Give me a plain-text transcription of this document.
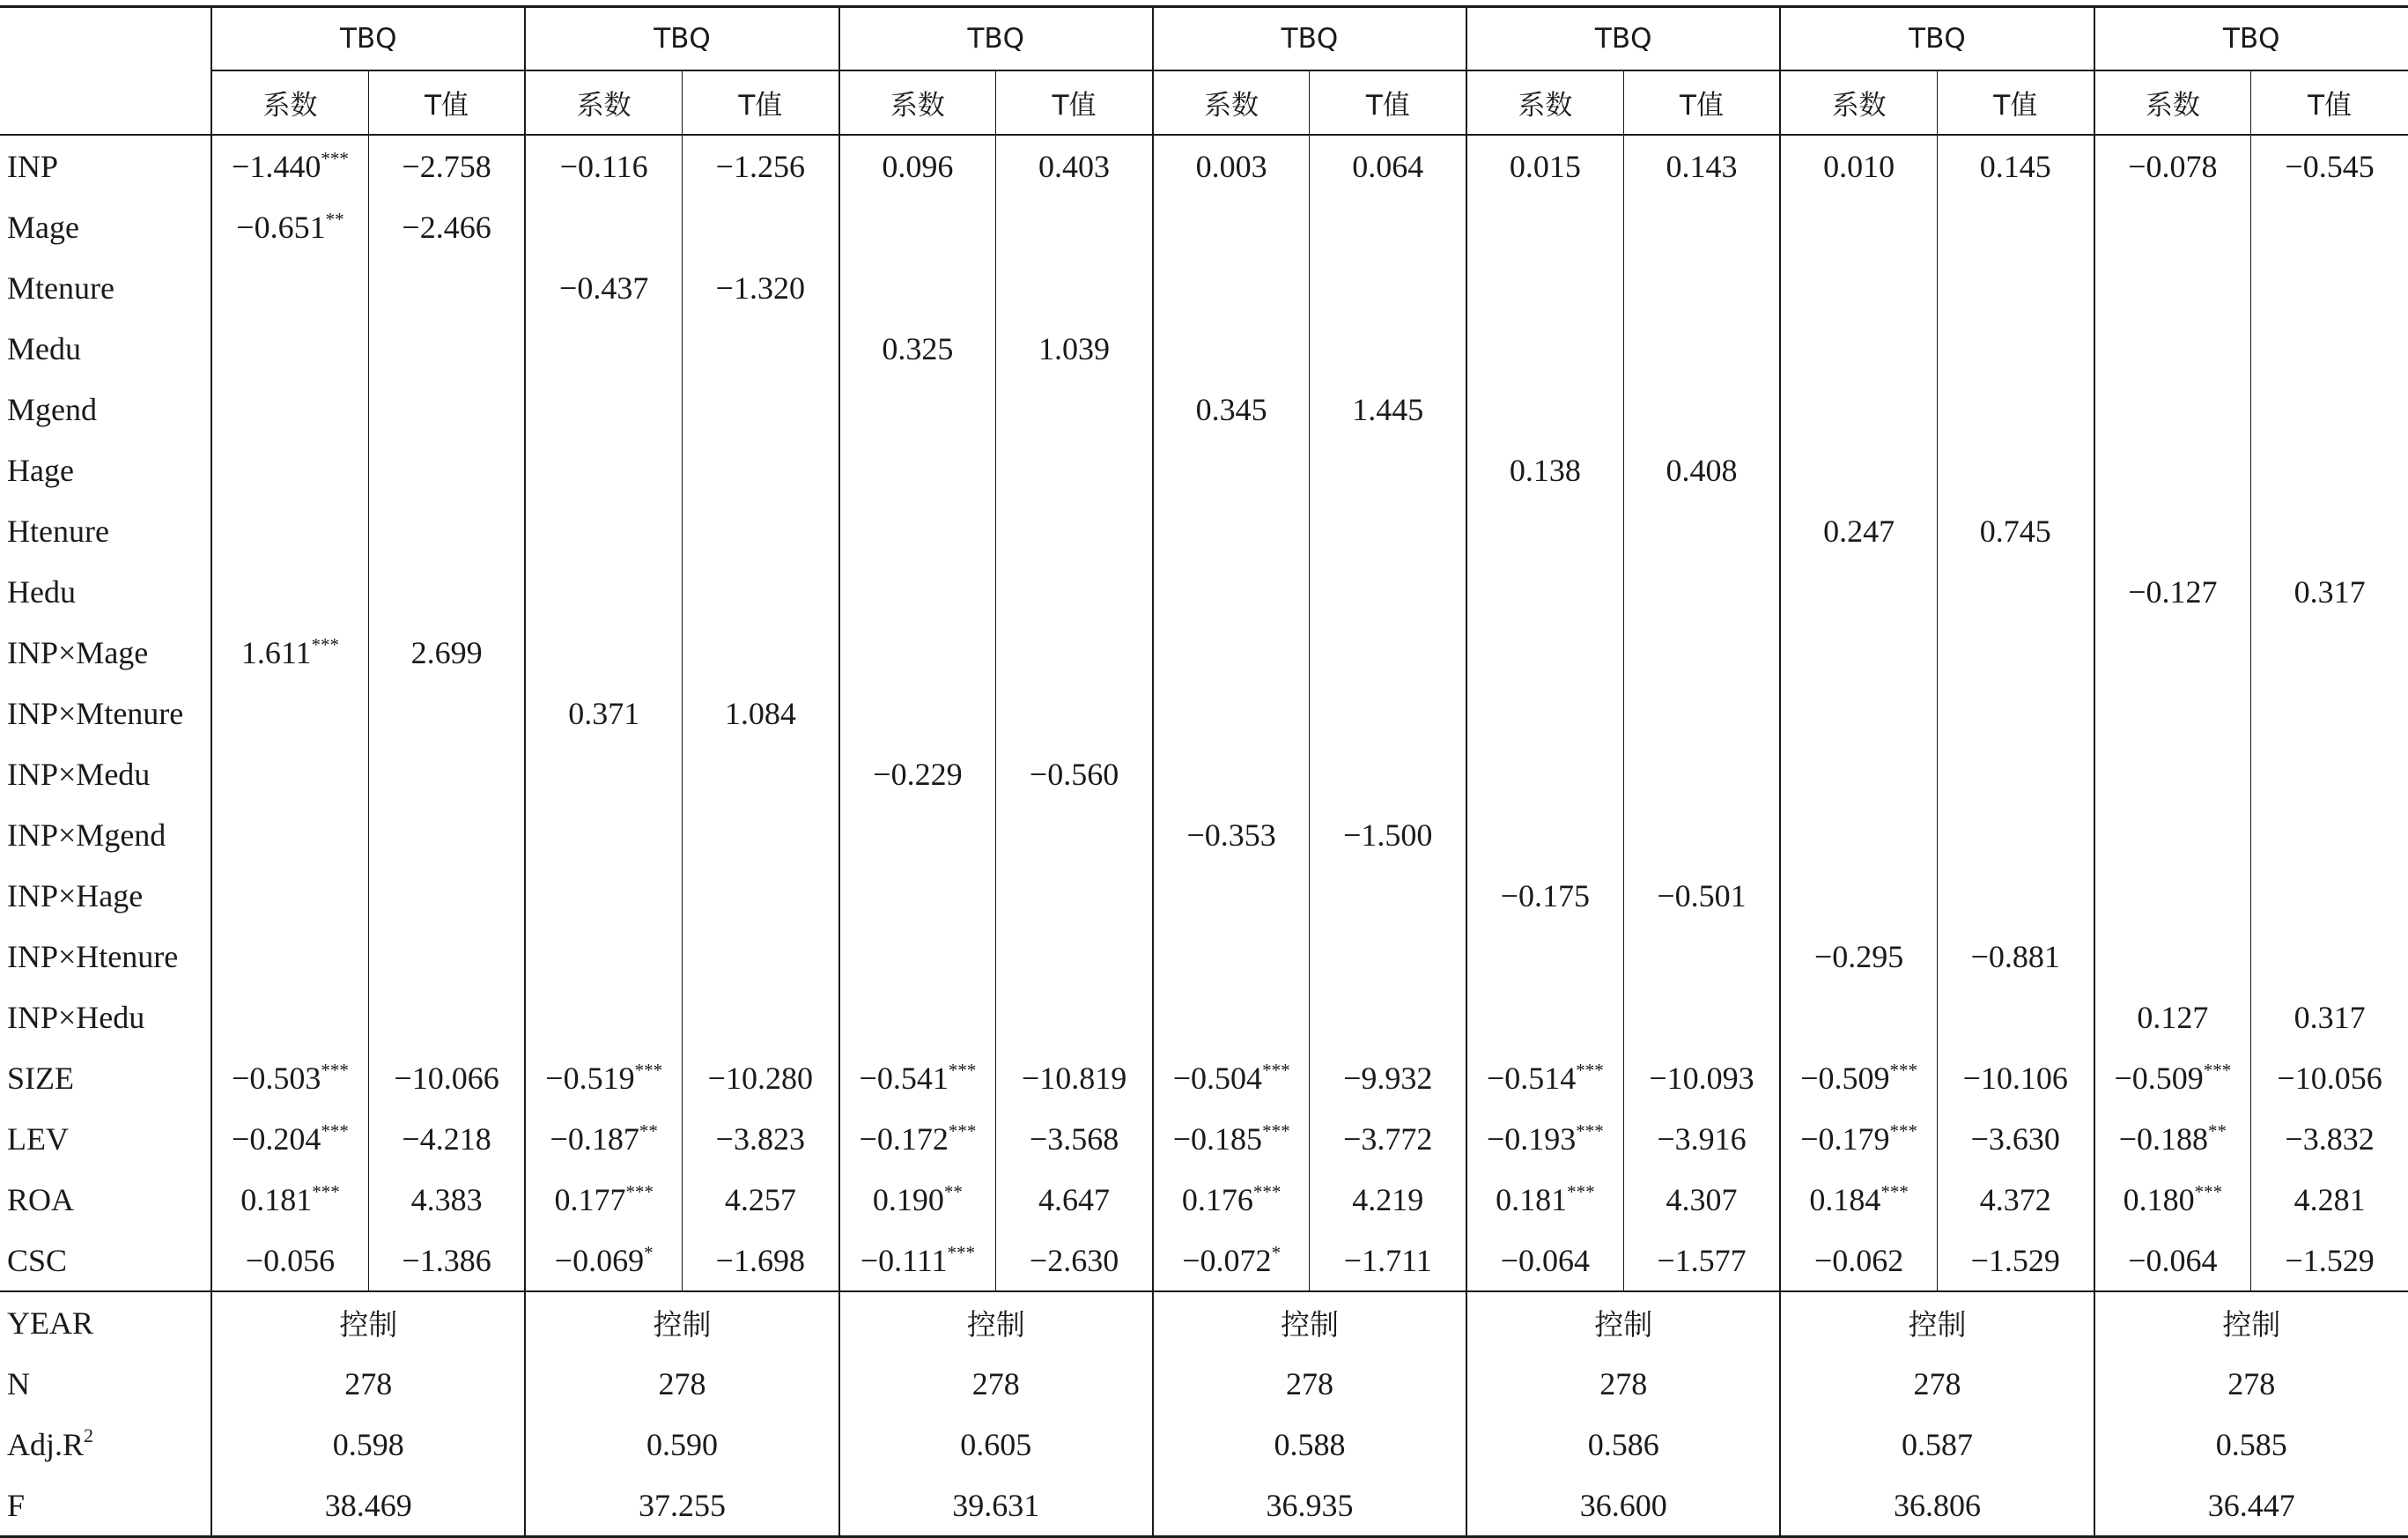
	TBQ		TBQ		TBQ		TBQ		TBQ		TBQ		TBQ	
	系数	T值	系数	T值	系数	T值	系数	T值	系数	T值	系数	T值	系数	T值
INP	−1.440***	−2.758	−0.116	−1.256	0.096	0.403	0.003	0.064	0.015	0.143	0.010	0.145	−0.078	−0.545
Mage	−0.651**	−2.466												
Mtenure			−0.437	−1.320										
Medu					0.325	1.039								
Mgend							0.345	1.445						
Hage									0.138	0.408				
Htenure											0.247	0.745		
Hedu													−0.127	0.317
INP×Mage	1.611***	2.699												
INP×Mtenure			0.371	1.084										
INP×Medu					−0.229	−0.560								
INP×Mgend							−0.353	−1.500						
INP×Hage									−0.175	−0.501				
INP×Htenure											−0.295	−0.881		
INP×Hedu													0.127	0.317
SIZE	−0.503***	−10.066	−0.519***	−10.280	−0.541***	−10.819	−0.504***	−9.932	−0.514***	−10.093	−0.509***	−10.106	−0.509***	−10.056
LEV	−0.204***	−4.218	−0.187**	−3.823	−0.172***	−3.568	−0.185***	−3.772	−0.193***	−3.916	−0.179***	−3.630	−0.188**	−3.832
ROA	0.181***	4.383	0.177***	4.257	0.190**	4.647	0.176***	4.219	0.181***	4.307	0.184***	4.372	0.180***	4.281
CSC	−0.056	−1.386	−0.069*	−1.698	−0.111***	−2.630	−0.072*	−1.711	−0.064	−1.577	−0.062	−1.529	−0.064	−1.529
YEAR	控制		控制		控制		控制		控制		控制		控制	
N	278		278		278		278		278		278		278	
$Adj.R^2$	0.598		0.590		0.605		0.588		0.586		0.587		0.585	
F	38.469		37.255		39.631		36.935		36.600		36.806		36.447	
